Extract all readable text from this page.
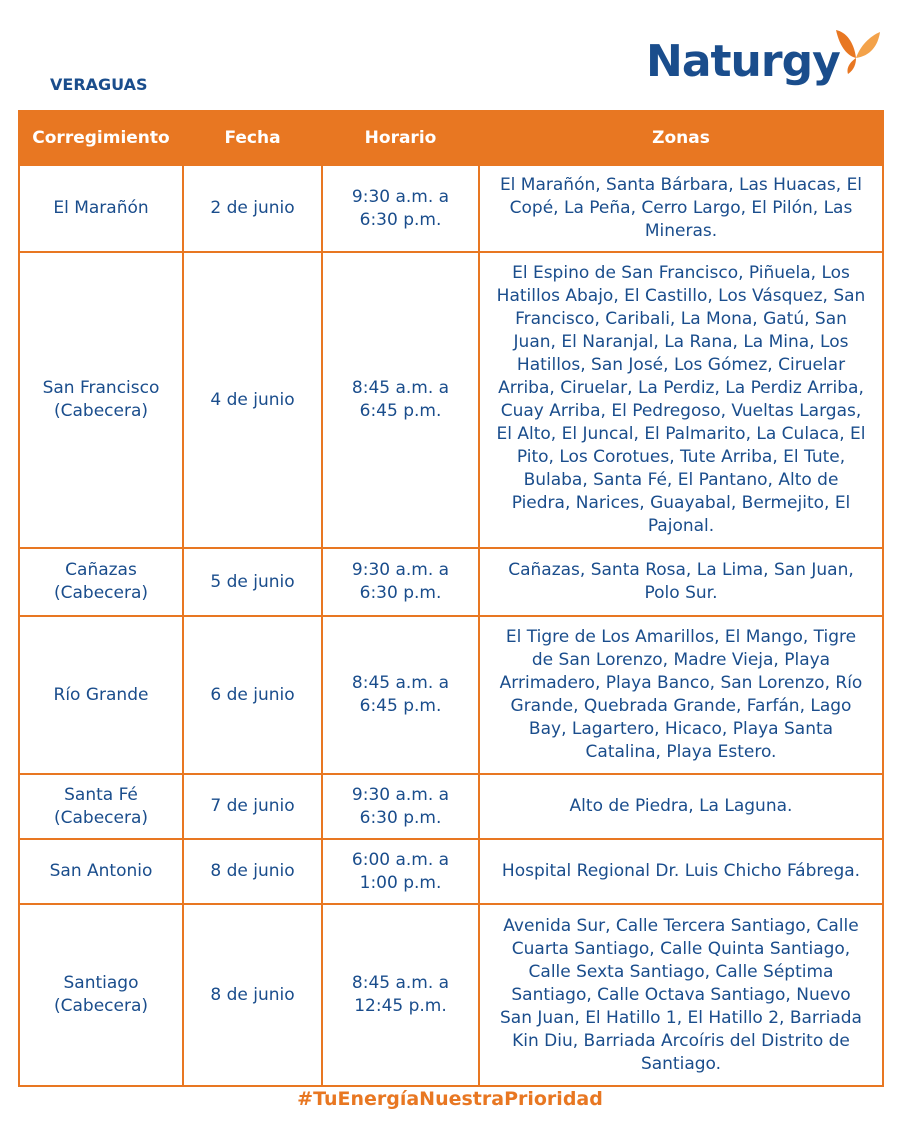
VERAGUAS	Naturgy
Corregimiento	Fecha	Horario	Zonas
El Marañón	2 de junio	9:30 a.m. a 6:30 p.m.	El Marañón, Santa Bárbara, Las Huacas, El Copé, La Peña, Cerro Largo, El Pilón, Las Mineras.
San Francisco (Cabecera)	4 de junio	8:45 a.m. a 6:45 p.m.	El Espino de San Francisco, Piñuela, Los Hatillos Abajo, El Castillo, Los Vásquez, San Francisco, Caribali, La Mona, Gatú, San Juan, El Naranjal, La Rana, La Mina, Los Hatillos, San José, Los Gómez, Ciruelar Arriba, Ciruelar, La Perdiz, La Perdiz Arriba, Cuay Arriba, El Pedregoso, Vueltas Largas, El Alto, El Juncal, El Palmarito, La Culaca, El Pito, Los Corotues, Tute Arriba, El Tute, Bulaba, Santa Fé, El Pantano, Alto de Piedra, Narices, Guayabal, Bermejito, El Pajonal.
Cañazas (Cabecera)	5 de junio	9:30 a.m. a 6:30 p.m.	Cañazas, Santa Rosa, La Lima, San Juan, Polo Sur.
Río Grande	6 de junio	8:45 a.m. a 6:45 p.m.	El Tigre de Los Amarillos, El Mango, Tigre de San Lorenzo, Madre Vieja, Playa Arrimadero, Playa Banco, San Lorenzo, Río Grande, Quebrada Grande, Farfán, Lago Bay, Lagartero, Hicaco, Playa Santa Catalina, Playa Estero.
Santa Fé (Cabecera)	7 de junio	9:30 a.m. a 6:30 p.m.	Alto de Piedra, La Laguna.
San Antonio	8 de junio	6:00 a.m. a 1:00 p.m.	Hospital Regional Dr. Luis Chicho Fábrega.
Santiago (Cabecera)	8 de junio	8:45 a.m. a 12:45 p.m.	Avenida Sur, Calle Tercera Santiago, Calle Cuarta Santiago, Calle Quinta Santiago, Calle Sexta Santiago, Calle Séptima Santiago, Calle Octava Santiago, Nuevo San Juan, El Hatillo 1, El Hatillo 2, Barriada Kin Diu, Barriada Arcoíris del Distrito de Santiago.
#TuEnergíaNuestraPrioridad
